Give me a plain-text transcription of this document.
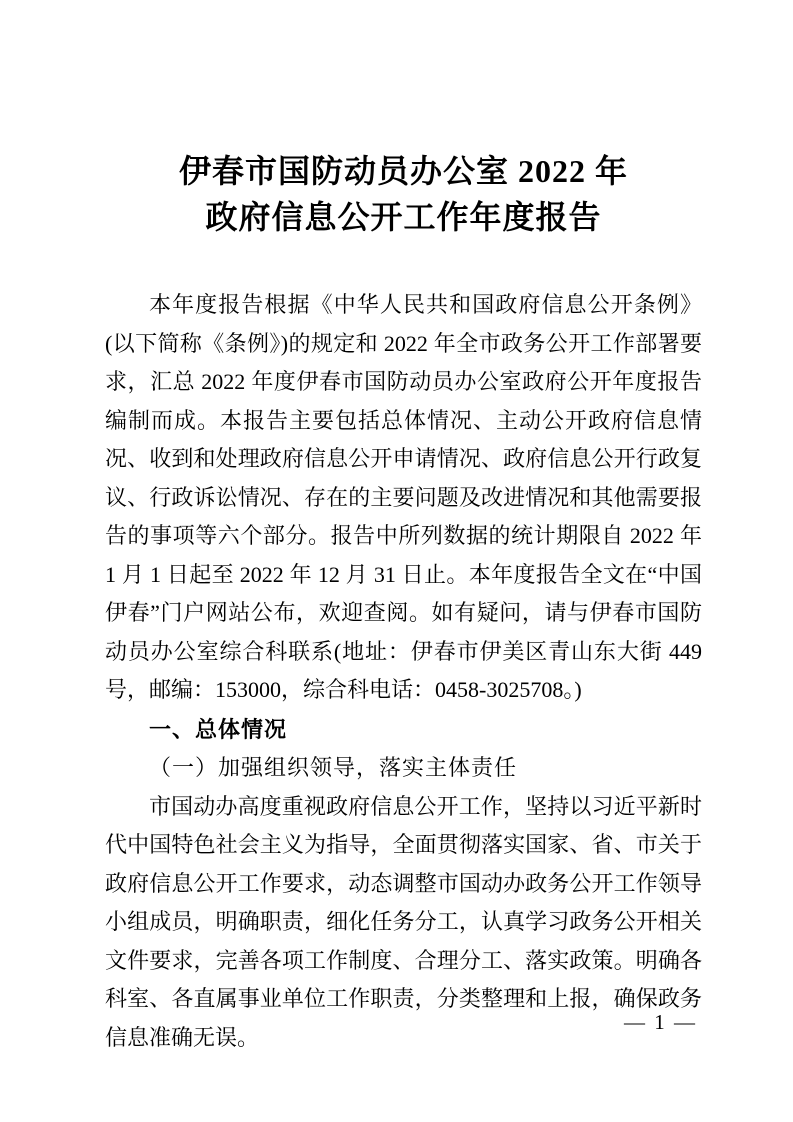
伊春市国防动员办公室 2022 年
政府信息公开工作年度报告

本年度报告根据《中华人民共和国政府信息公开条例》(以下简称《条例》)的规定和 2022 年全市政务公开工作部署要求，汇总 2022 年度伊春市国防动员办公室政府公开年度报告编制而成。本报告主要包括总体情况、主动公开政府信息情况、收到和处理政府信息公开申请情况、政府信息公开行政复议、行政诉讼情况、存在的主要问题及改进情况和其他需要报告的事项等六个部分。报告中所列数据的统计期限自 2022 年 1 月 1 日起至 2022 年 12 月 31 日止。本年度报告全文在“中国伊春”门户网站公布，欢迎查阅。如有疑问，请与伊春市国防动员办公室综合科联系(地址：伊春市伊美区青山东大街 449 号，邮编：153000，综合科电话：0458-3025708。)

一、总体情况
（一）加强组织领导，落实主体责任

市国动办高度重视政府信息公开工作，坚持以习近平新时代中国特色社会主义为指导，全面贯彻落实国家、省、市关于政府信息公开工作要求，动态调整市国动办政务公开工作领导小组成员，明确职责，细化任务分工，认真学习政务公开相关文件要求，完善各项工作制度、合理分工、落实政策。明确各科室、各直属事业单位工作职责，分类整理和上报，确保政务信息准确无误。

— 1 —
